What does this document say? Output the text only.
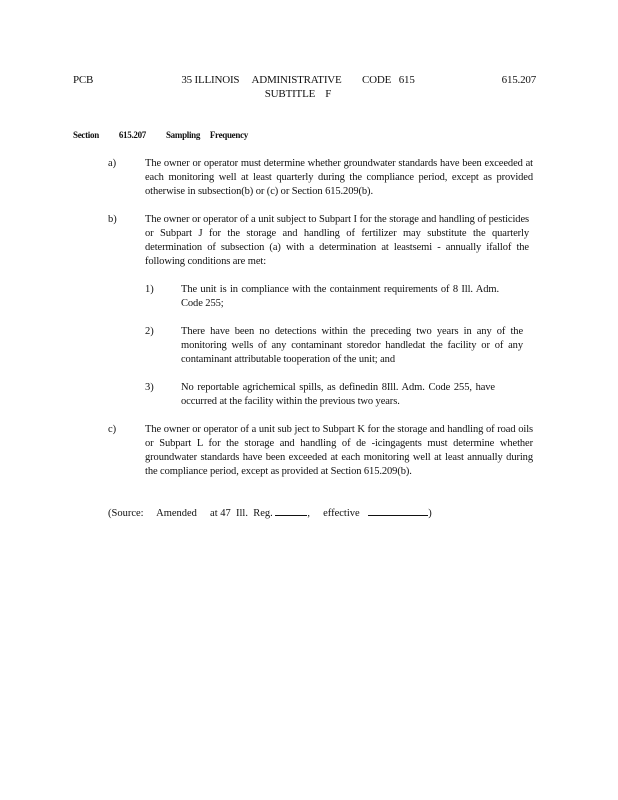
PCB	35 ILLINOIS     ADMINISTRATIVE        CODE   615
SUBTITLE    F
615.207
Section 615.207 Sampling     Frequency
a)	The owner or operator must determine whether groundwater standards have been exceeded at each monitoring well at least quarterly during the compliance period, except as provided otherwise in subsection(b) or (c) or Section 615.209(b).
b)	The owner or operator of a unit subject to Subpart I for the storage and handling of pesticides or Subpart J for the storage and handling of fertilizer may substitute the quarterly determination of subsection (a) with a determination at leastsemi - annually ifallof the following conditions are met:
1)	The unit is in compliance with the containment requirements of 8 Ill. Adm. Code 255;
2)	There have been no detections within the preceding two years in any of the monitoring wells of any contaminant storedor handledat the facility or of any contaminant attributable tooperation of the unit; and
3)	No reportable agrichemical spills, as definedin 8Ill. Adm. Code 255, have occurred at the facility within the previous two years.
c)	The owner or operator of a unit sub ject to Subpart K for the storage and handling of road oils or Subpart L for the storage and handling of de -icingagents must determine whether groundwater standards have been exceeded at each monitoring well at least annually during the compliance period, except as provided at Section 615.209(b).
(Source:     Amended     at 47  Ill.  Reg.	,     effective	)
